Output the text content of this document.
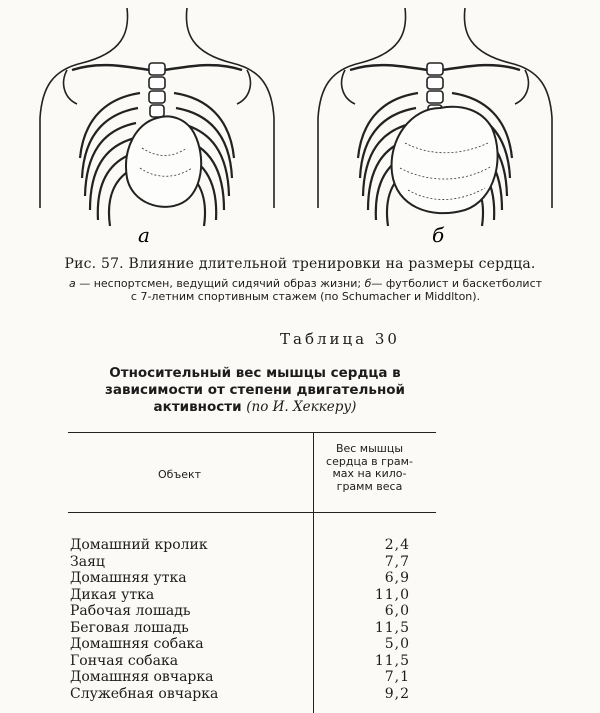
а	б
Рис. 57. Влияние длительной тренировки на размеры сердца.
а — неспортсмен, ведущий сидячий образ жизни; б— футболист и баскетболист
с 7-летним спортивным стажем (по Schumacher и Middlton).
Таблица 30
Относительный вес мышцы сердца в
зависимости от степени двигательной
активности (по И. Хеккеру)
Объект
Вес мышцы
сердца в грам-
мах на кило-
грамм веса
Домашний кролик	2,4
Заяц	7,7
Домашняя утка	6,9
Дикая утка	11,0
Рабочая лошадь	6,0
Беговая лошадь	11,5
Домашняя собака	5,0
Гончая собака	11,5
Домашняя овчарка	7,1
Служебная овчарка	9,2
